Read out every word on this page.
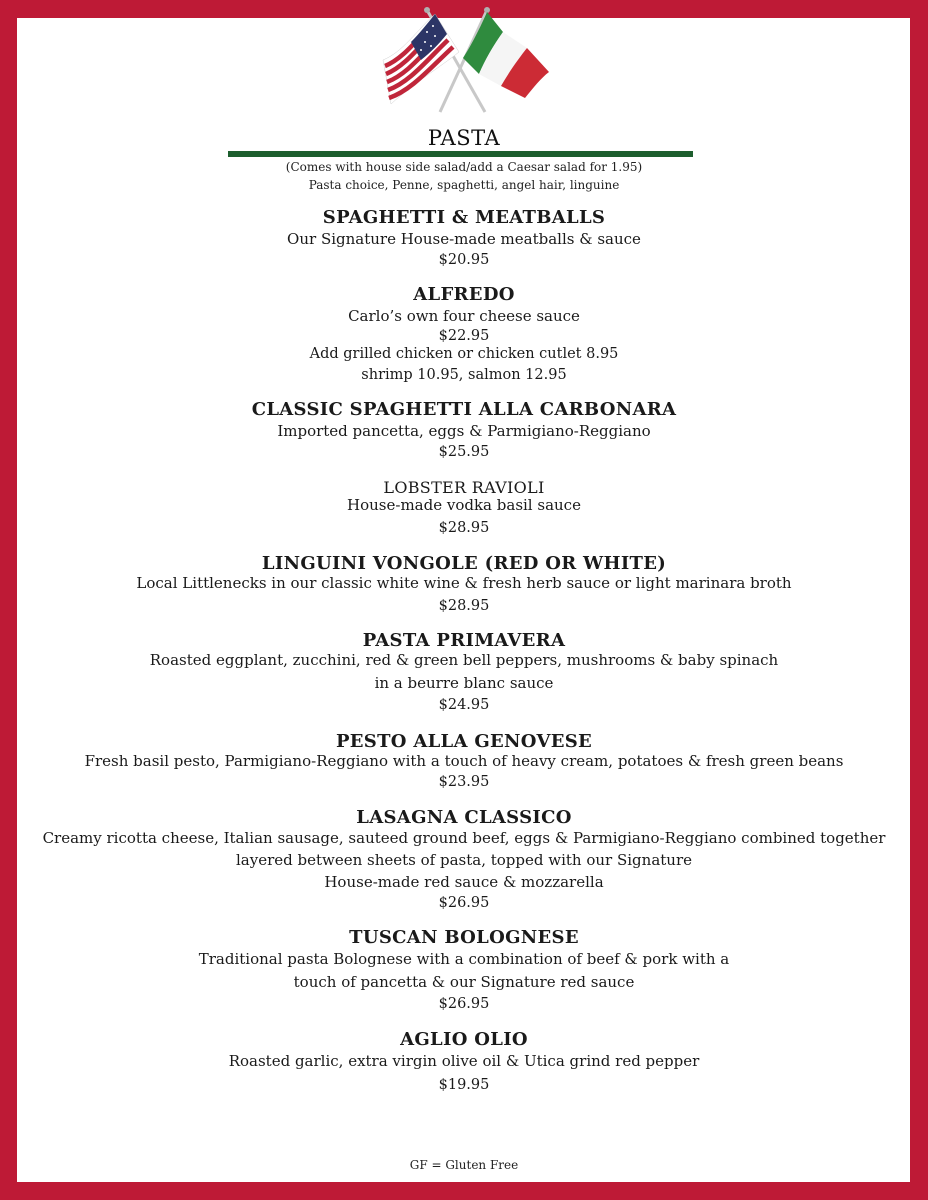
PASTA
(Comes with house side salad/add a Caesar salad for 1.95)
Pasta choice, Penne, spaghetti, angel hair, linguine
SPAGHETTI & MEATBALLS
Our Signature House-made meatballs & sauce
$20.95
ALFREDO
Carlo’s own four cheese sauce
$22.95
Add grilled chicken or chicken cutlet 8.95
shrimp 10.95, salmon 12.95
CLASSIC SPAGHETTI ALLA CARBONARA
Imported pancetta, eggs & Parmigiano-Reggiano
$25.95
LOBSTER RAVIOLI
House-made vodka basil sauce
$28.95
LINGUINI VONGOLE (RED OR WHITE)
Local Littlenecks in our classic white wine & fresh herb sauce or light marinara broth
$28.95
PASTA PRIMAVERA
Roasted eggplant, zucchini, red & green bell peppers, mushrooms & baby spinach
in a beurre blanc sauce
$24.95
PESTO ALLA GENOVESE
Fresh basil pesto, Parmigiano-Reggiano with a touch of heavy cream, potatoes & fresh green beans
$23.95
LASAGNA CLASSICO
Creamy ricotta cheese, Italian sausage, sauteed ground beef, eggs & Parmigiano-Reggiano combined together
layered between sheets of pasta, topped with our Signature
House-made red sauce & mozzarella
$26.95
TUSCAN BOLOGNESE
Traditional pasta Bolognese with a combination of beef & pork with a
touch of pancetta & our Signature red sauce
$26.95
AGLIO OLIO
Roasted garlic, extra virgin olive oil & Utica grind red pepper
$19.95
GF = Gluten Free
